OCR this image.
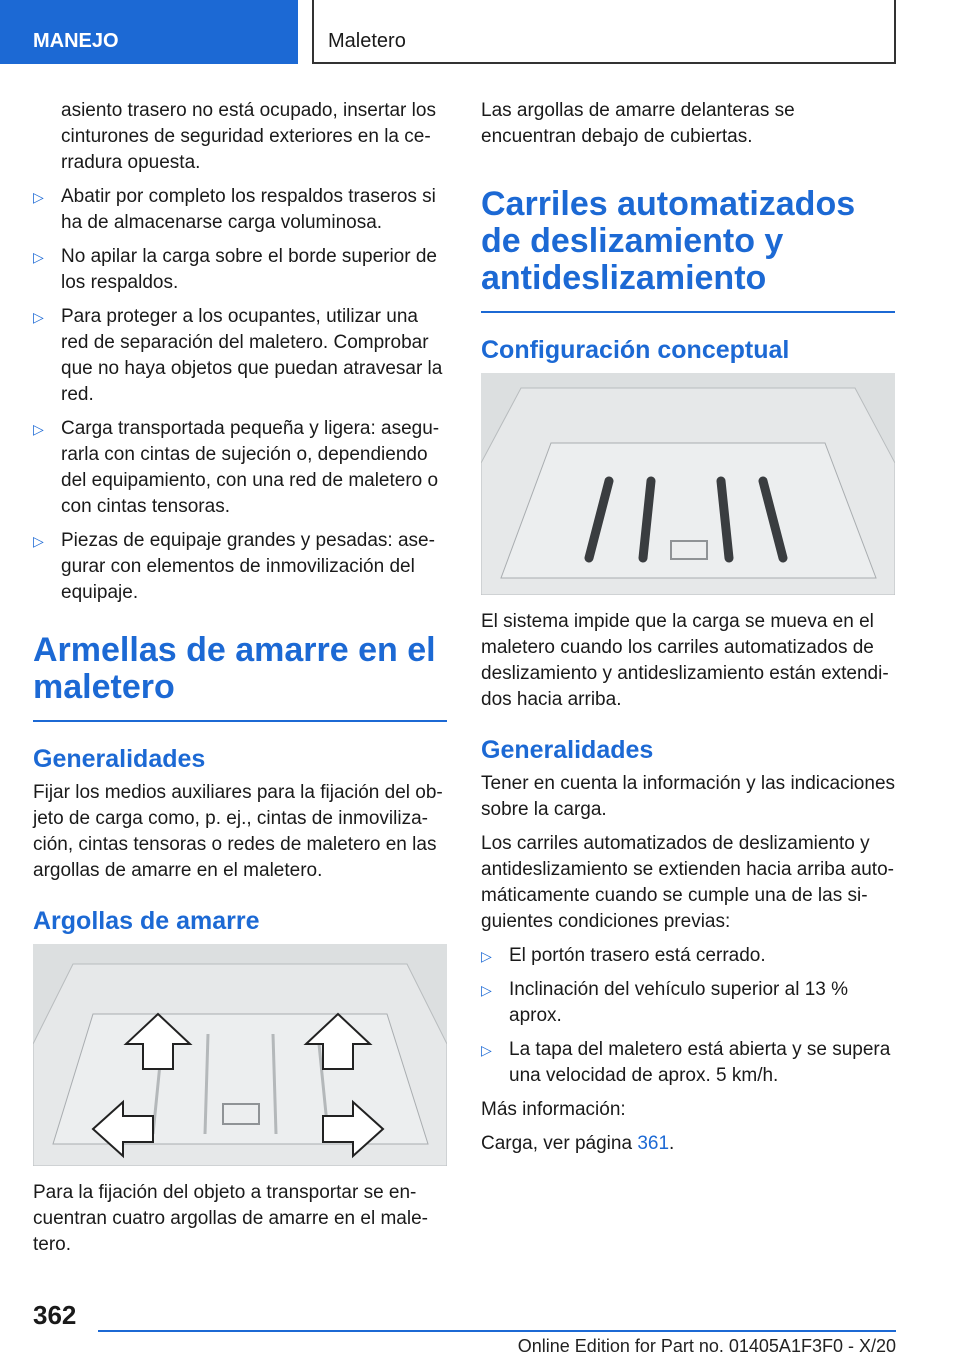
MANEJO	Maletero

asiento trasero no está ocupado, insertar los cinturones de seguridad exteriores en la ce-rradura opuesta.

▷ Abatir por completo los respaldos traseros si ha de almacenarse carga voluminosa.
▷ No apilar la carga sobre el borde superior de los respaldos.
▷ Para proteger a los ocupantes, utilizar una red de separación del maletero. Comprobar que no haya objetos que puedan atravesar la red.
▷ Carga transportada pequeña y ligera: asegu-rarla con cintas de sujeción o, dependiendo del equipamiento, con una red de maletero o con cintas tensoras.
▷ Piezas de equipaje grandes y pesadas: ase-gurar con elementos de inmovilización del equipaje.
Armellas de amarre en el maletero
Generalidades

Fijar los medios auxiliares para la fijación del ob-jeto de carga como, p. ej., cintas de inmoviliza-ción, cintas tensoras o redes de maletero en las argollas de amarre en el maletero.

Argollas de amarre

Para la fijación del objeto a transportar se en-cuentran cuatro argollas de amarre en el male-tero.

Las argollas de amarre delanteras se encuentran debajo de cubiertas.

Carriles automatizados de deslizamiento y antideslizamiento
Configuración conceptual

El sistema impide que la carga se mueva en el maletero cuando los carriles automatizados de deslizamiento y antideslizamiento están extendi-dos hacia arriba.

Generalidades

Tener en cuenta la información y las indicaciones sobre la carga.

Los carriles automatizados de deslizamiento y antideslizamiento se extienden hacia arriba auto-máticamente cuando se cumple una de las si-guientes condiciones previas:

▷ El portón trasero está cerrado.
▷ Inclinación del vehículo superior al 13 % aprox.
▷ La tapa del maletero está abierta y se supera una velocidad de aprox. 5 km/h.

Más información:

Carga, ver página 361.

362
Online Edition for Part no. 01405A1F3F0 - X/20
